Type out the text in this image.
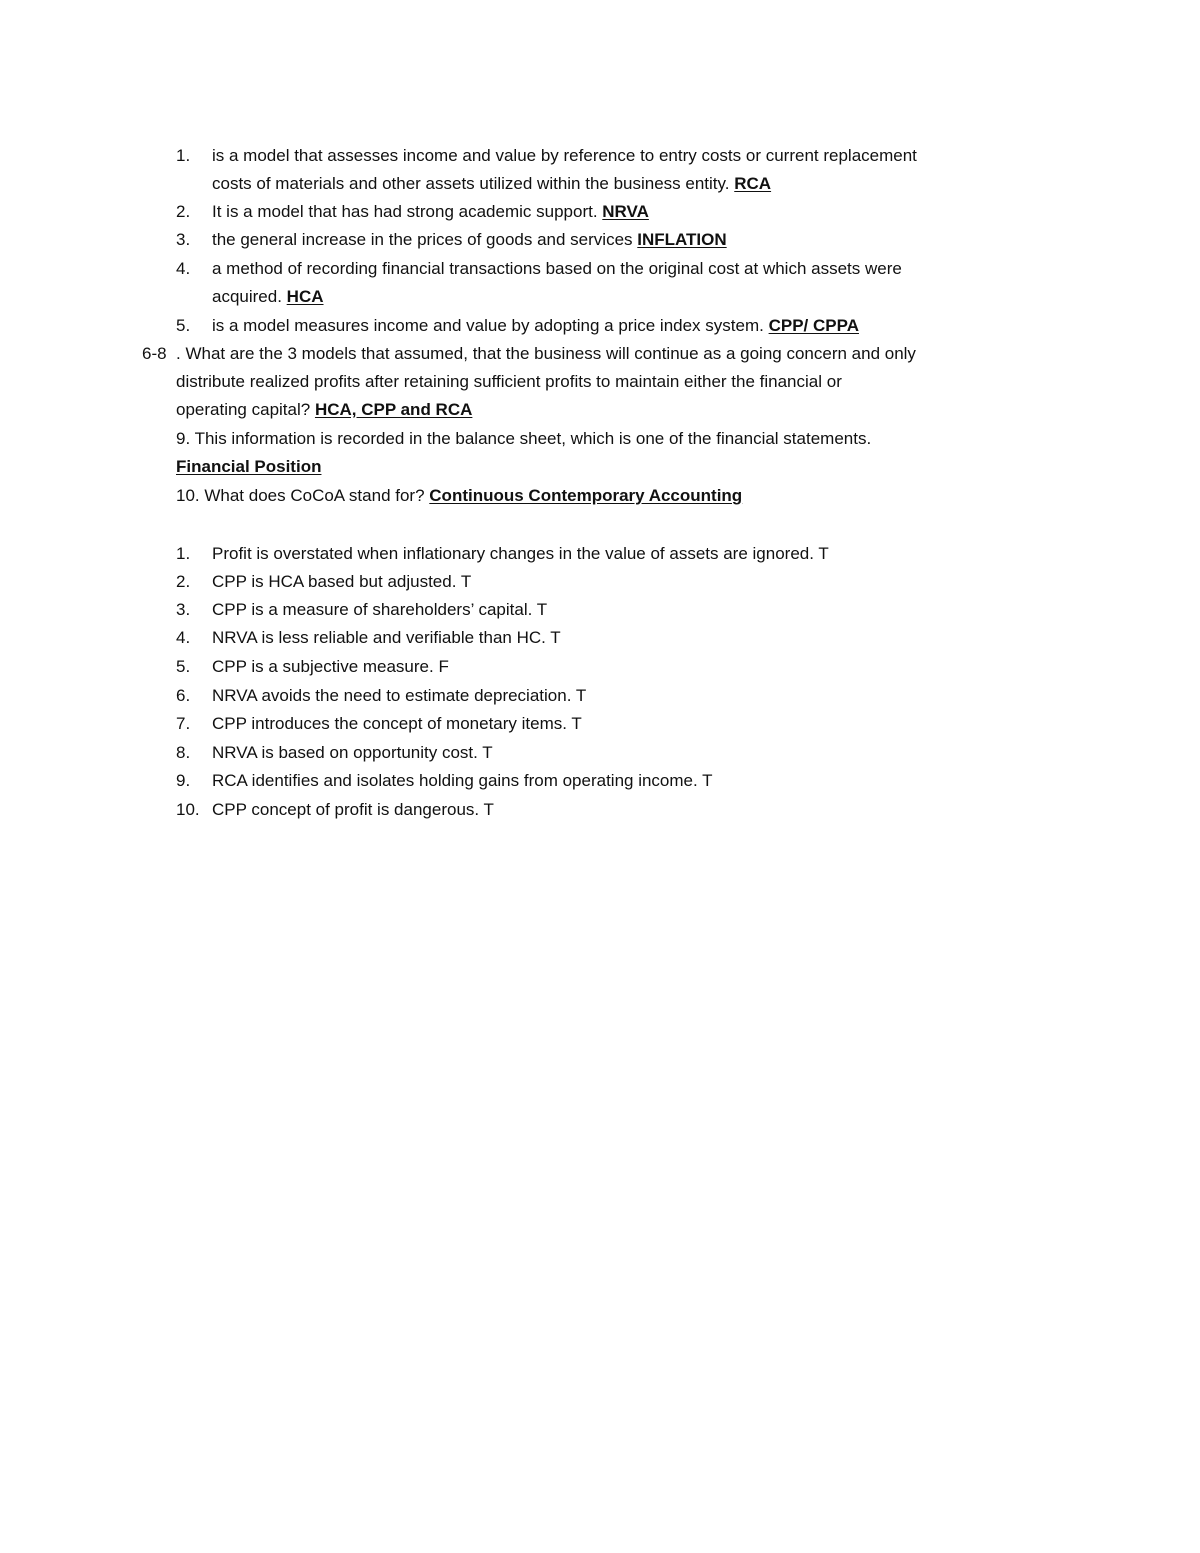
1. is a model that assesses income and value by reference to entry costs or current replacement
costs of materials and other assets utilized within the business entity. RCA
2. It is a model that has had strong academic support. NRVA
3. the general increase in the prices of goods and services INFLATION
4. a method of recording financial transactions based on the original cost at which assets were
acquired. HCA
5. is a model measures income and value by adopting a price index system. CPP/ CPPA
6-8 . What are the 3 models that assumed, that the business will continue as a going concern and only
distribute realized profits after retaining sufficient profits to maintain either the financial or
operating capital? HCA, CPP and RCA
9. This information is recorded in the balance sheet, which is one of the financial statements.
Financial Position
10. What does CoCoA stand for? Continuous Contemporary Accounting
1. Profit is overstated when inflationary changes in the value of assets are ignored. T
2. CPP is HCA based but adjusted. T
3. CPP is a measure of shareholders’ capital. T
4. NRVA is less reliable and verifiable than HC. T
5. CPP is a subjective measure. F
6. NRVA avoids the need to estimate depreciation. T
7. CPP introduces the concept of monetary items. T
8. NRVA is based on opportunity cost. T
9. RCA identifies and isolates holding gains from operating income. T
10. CPP concept of profit is dangerous. T
